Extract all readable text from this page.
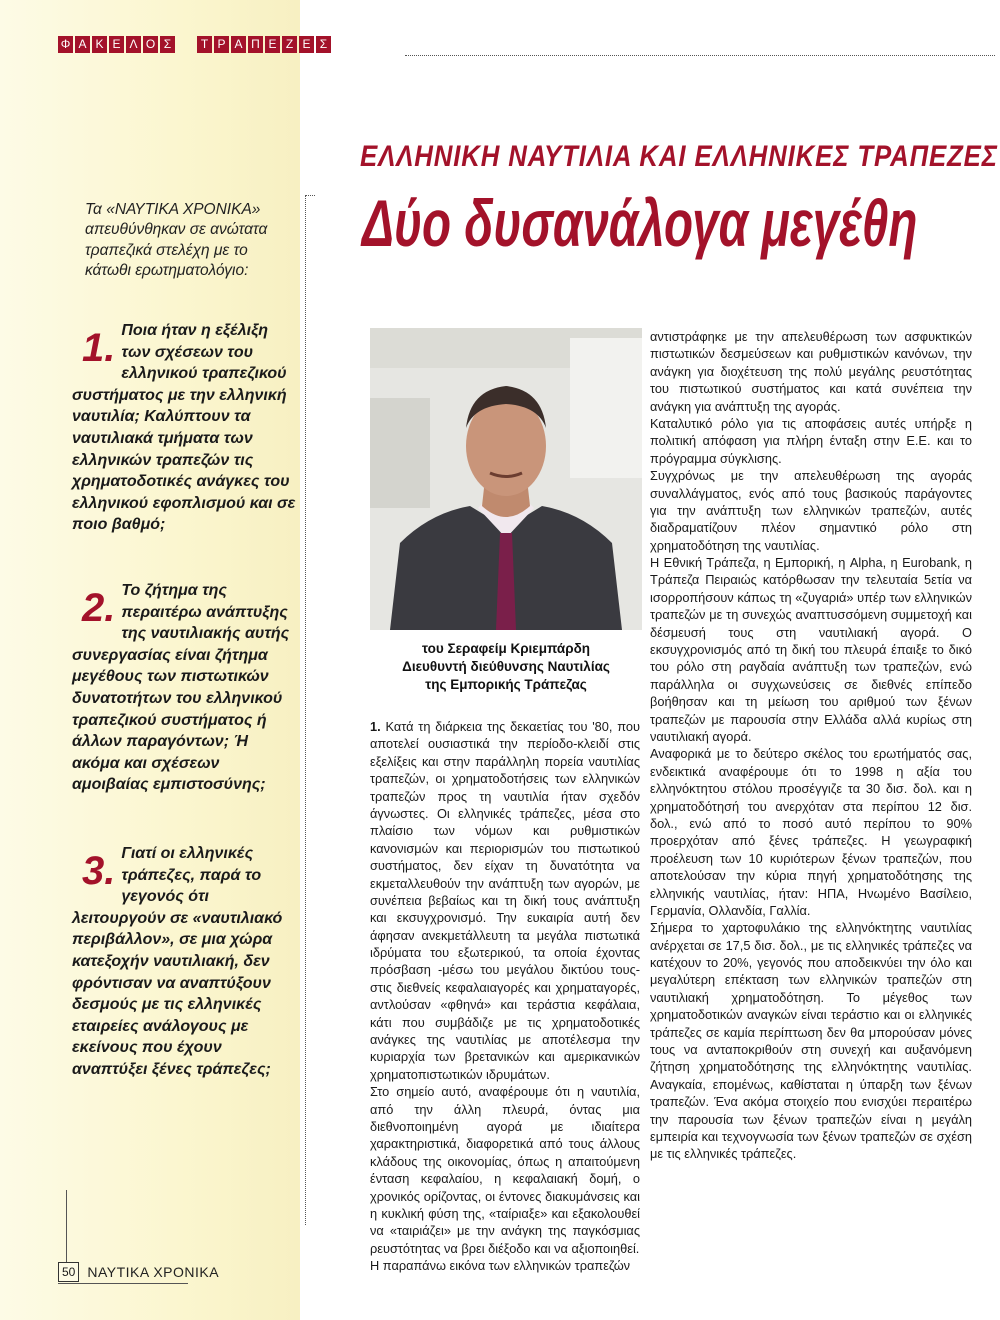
Φ Α Κ Ε Λ Ο Σ	Τ Ρ Α Π Ε Ζ Ε Σ
ΕΛΛΗΝΙΚΗ ΝΑΥΤΙΛΙΑ ΚΑΙ ΕΛΛΗΝΙΚΕΣ ΤΡΑΠΕΖΕΣ
Δύο δυσανάλογα μεγέθη
Τα «ΝΑΥΤΙΚΑ ΧΡΟΝΙΚΑ» απευθύνθηκαν σε ανώτατα τραπεζικά στελέχη με το κάτωθι ερωτηματολόγιο:
1. Ποια ήταν η εξέλιξη των σχέσεων του ελληνικού τραπεζικού συστήματος με την ελληνική ναυτιλία; Καλύπτουν τα ναυτιλιακά τμήματα των ελληνικών τραπεζών τις χρηματοδοτικές ανάγκες του ελληνικού εφοπλισμού και σε ποιο βαθμό;
2. Το ζήτημα της περαιτέρω ανάπτυξης της ναυτιλιακής αυτής συνεργασίας είναι ζήτημα μεγέθους των πιστωτικών δυνατοτήτων του ελληνικού τραπεζικού συστήματος ή άλλων παραγόντων; Ή ακόμα και σχέσεων αμοιβαίας εμπιστοσύνης;
3. Γιατί οι ελληνικές τράπεζες, παρά το γεγονός ότι λειτουργούν σε «ναυτιλιακό περιβάλλον», σε μια χώρα κατεξοχήν ναυτιλιακή, δεν φρόντισαν να αναπτύξουν δεσμούς με τις ελληνικές εταιρείες ανάλογους με εκείνους που έχουν αναπτύξει ξένες τράπεζες;
του Σεραφείμ Κριεμπάρδη
Διευθυντή διεύθυνσης Ναυτιλίας
της Εμπορικής Τράπεζας

1. Κατά τη διάρκεια της δεκαετίας του '80, που αποτελεί ουσιαστικά την περίοδο-κλειδί στις εξελίξεις και στην παράλληλη πορεία ναυτιλίας τραπεζών, οι χρηματοδοτήσεις των ελληνικών τραπεζών προς τη ναυτιλία ήταν σχεδόν άγνωστες. Οι ελληνικές τράπεζες, μέσα στο πλαίσιο των νόμων και ρυθμιστικών κανονισμών και περιορισμών του πιστωτικού συστήματος, δεν είχαν τη δυνατότητα να εκμεταλλευθούν την ανάπτυξη των αγορών, με συνέπεια βεβαίως και τη δική τους ανάπτυξη και εκσυγχρονισμό. Την ευκαιρία αυτή δεν άφησαν ανεκμετάλλευτη τα μεγάλα πιστωτικά ιδρύματα του εξωτερικού, τα οποία έχοντας πρόσβαση -μέσω του μεγάλου δικτύου τους- στις διεθνείς κεφαλαιαγορές και χρηματαγορές, αντλούσαν «φθηνά» και τεράστια κεφάλαια, κάτι που συμβάδιζε με τις χρηματοδοτικές ανάγκες της ναυτιλίας με αποτέλεσμα την κυριαρχία των βρετανικών και αμερικανικών χρηματοπιστωτικών ιδρυμάτων.

Στο σημείο αυτό, αναφέρουμε ότι η ναυτιλία, από την άλλη πλευρά, όντας μια διεθνοποιημένη αγορά με ιδιαίτερα χαρακτηριστικά, διαφορετικά από τους άλλους κλάδους της οικονομίας, όπως η απαιτούμενη ένταση κεφαλαίου, η κεφαλαιακή δομή, ο χρονικός ορίζοντας, οι έντονες διακυμάνσεις και η κυκλική φύση της, «ταίριαξε» και εξακολουθεί να «ταιριάζει» με την ανάγκη της παγκόσμιας ρευστότητας να βρει διέξοδο και να αξιοποιηθεί.

Η παραπάνω εικόνα των ελληνικών τραπεζών

αντιστράφηκε με την απελευθέρωση των ασφυκτικών πιστωτικών δεσμεύσεων και ρυθμιστικών κανόνων, την ανάγκη για διοχέτευση της πολύ μεγάλης ρευστότητας του πιστωτικού συστήματος και κατά συνέπεια την ανάγκη για ανάπτυξη της αγοράς.

Καταλυτικό ρόλο για τις αποφάσεις αυτές υπήρξε η πολιτική απόφαση για πλήρη ένταξη στην Ε.Ε. και το πρόγραμμα σύγκλισης.

Συγχρόνως με την απελευθέρωση της αγοράς συναλλάγματος, ενός από τους βασικούς παράγοντες για την ανάπτυξη των ελληνικών τραπεζών, αυτές διαδραματίζουν πλέον σημαντικό ρόλο στη χρηματοδότηση της ναυτιλίας.

Η Εθνική Τράπεζα, η Εμπορική, η Alpha, η Eurobank, η Τράπεζα Πειραιώς κατόρθωσαν την τελευταία 5ετία να ισορροπήσουν κάπως τη «ζυγαριά» υπέρ των ελληνικών τραπεζών με τη συνεχώς αναπτυσσόμενη συμμετοχή και δέσμευσή τους στη ναυτιλιακή αγορά. Ο εκσυγχρονισμός από τη δική του πλευρά έπαιξε το δικό του ρόλο στη ραγδαία ανάπτυξη των τραπεζών, ενώ παράλληλα οι συγχωνεύσεις σε διεθνές επίπεδο βοήθησαν και τη μείωση του αριθμού των ξένων τραπεζών με παρουσία στην Ελλάδα αλλά κυρίως στη ναυτιλιακή αγορά.

Αναφορικά με το δεύτερο σκέλος του ερωτήματός σας, ενδεικτικά αναφέρουμε ότι το 1998 η αξία του ελληνόκτητου στόλου προσέγγιζε τα 30 δισ. δολ. και η χρηματοδότησή του ανερχόταν στα περίπου 12 δισ. δολ., ενώ από το ποσό αυτό περίπου το 90% προερχόταν από ξένες τράπεζες. Η γεωγραφική προέλευση των 10 κυριότερων ξένων τραπεζών, που αποτελούσαν την κύρια πηγή χρηματοδότησης της ελληνικής ναυτιλίας, ήταν: ΗΠΑ, Ηνωμένο Βασίλειο, Γερμανία, Ολλανδία, Γαλλία.

Σήμερα το χαρτοφυλάκιο της ελληνόκτητης ναυτιλίας ανέρχεται σε 17,5 δισ. δολ., με τις ελληνικές τράπεζες να κατέχουν το 20%, γεγονός που αποδεικνύει την όλο και μεγαλύτερη επέκταση των ελληνικών τραπεζών στη ναυτιλιακή χρηματοδότηση. Το μέγεθος των χρηματοδοτικών αναγκών είναι τεράστιο και οι ελληνικές τράπεζες σε καμία περίπτωση δεν θα μπορούσαν μόνες τους να ανταποκριθούν στη συνεχή και αυξανόμενη ζήτηση χρηματοδότησης της ελληνόκτητης ναυτιλίας. Αναγκαία, επομένως, καθίσταται η ύπαρξη των ξένων τραπεζών. Ένα ακόμα στοιχείο που ενισχύει περαιτέρω την παρουσία των ξένων τραπεζών είναι η μεγάλη εμπειρία και τεχνογνωσία των ξένων τραπεζών σε σχέση με τις ελληνικές τράπεζες.

50 ΝΑΥΤΙΚΑ ΧΡΟΝΙΚΑ
